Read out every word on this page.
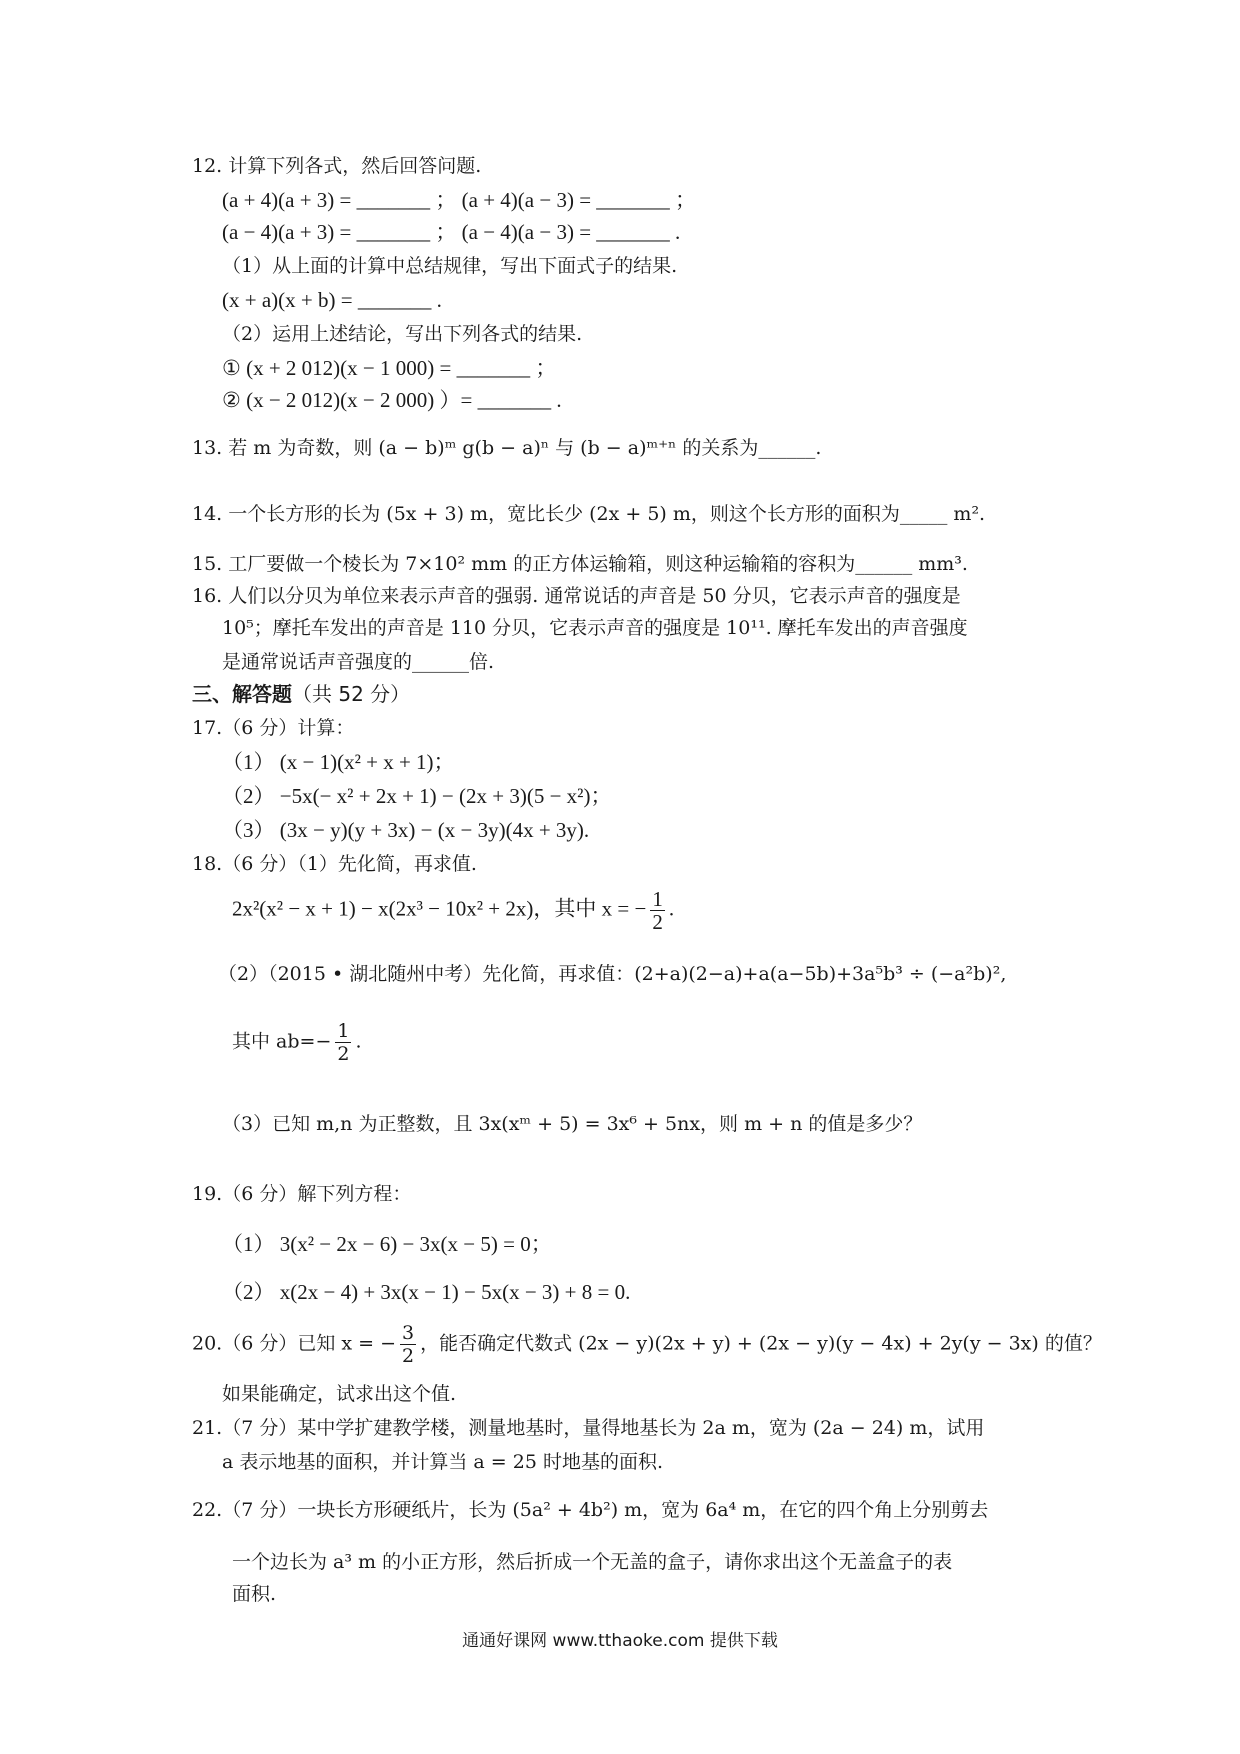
12. 计算下列各式，然后回答问题.
(a + 4)(a + 3) = _______ ； (a + 4)(a − 3) = _______ ；
(a − 4)(a + 3) = _______ ； (a − 4)(a − 3) = _______ .
（1）从上面的计算中总结规律，写出下面式子的结果.
(x + a)(x + b) = _______ .
（2）运用上述结论，写出下列各式的结果.
① (x + 2 012)(x − 1 000) = _______ ；
② (x − 2 012)(x − 2 000) ）= _______ .
13. 若 m 为奇数，则 (a − b)ᵐ g(b − a)ⁿ 与 (b − a)ᵐ⁺ⁿ 的关系为______.
14. 一个长方形的长为 (5x + 3) m，宽比长少 (2x + 5) m，则这个长方形的面积为_____ m².
15. 工厂要做一个棱长为 7×10² mm 的正方体运输箱，则这种运输箱的容积为______ mm³.
16. 人们以分贝为单位来表示声音的强弱. 通常说话的声音是 50 分贝，它表示声音的强度是
10⁵；摩托车发出的声音是 110 分贝，它表示声音的强度是 10¹¹. 摩托车发出的声音强度
是通常说话声音强度的______倍.
三、解答题（共 52 分）
17.（6 分）计算：
（1） (x − 1)(x² + x + 1)；
（2） −5x(− x² + 2x + 1) − (2x + 3)(5 − x²)；
（3） (3x − y)(y + 3x) − (x − 3y)(4x + 3y).
18.（6 分）（1）先化简，再求值.
2x²(x² − x + 1) − x(2x³ − 10x² + 2x)，其中 x = − $\frac{1}{2}$ .
（2）（2015 • 湖北随州中考）先化简，再求值：(2+a)(2−a)+a(a−5b)+3a⁵b³ ÷ (−a²b)²,
其中 $ab=- \frac{1}{2}$ .
（3）已知 m,n 为正整数，且 3x(xᵐ + 5) = 3x⁶ + 5nx，则 m + n 的值是多少？
19.（6 分）解下列方程：
（1） 3(x² − 2x − 6) − 3x(x − 5) = 0；
（2） x(2x − 4) + 3x(x − 1) − 5x(x − 3) + 8 = 0.
20.（6 分）已知 x = − $\frac{3}{2}$ ，能否确定代数式 (2x − y)(2x + y) + (2x − y)(y − 4x) + 2y(y − 3x) 的值？
如果能确定，试求出这个值.
21.（7 分）某中学扩建教学楼，测量地基时，量得地基长为 2a m，宽为 (2a − 24) m，试用
a 表示地基的面积，并计算当 a = 25 时地基的面积.
22.（7 分）一块长方形硬纸片，长为 (5a² + 4b²) m，宽为 6a⁴ m，在它的四个角上分别剪去
一个边长为 a³ m 的小正方形，然后折成一个无盖的盒子，请你求出这个无盖盒子的表
面积.
通通好课网 www.tthaoke.com 提供下载
